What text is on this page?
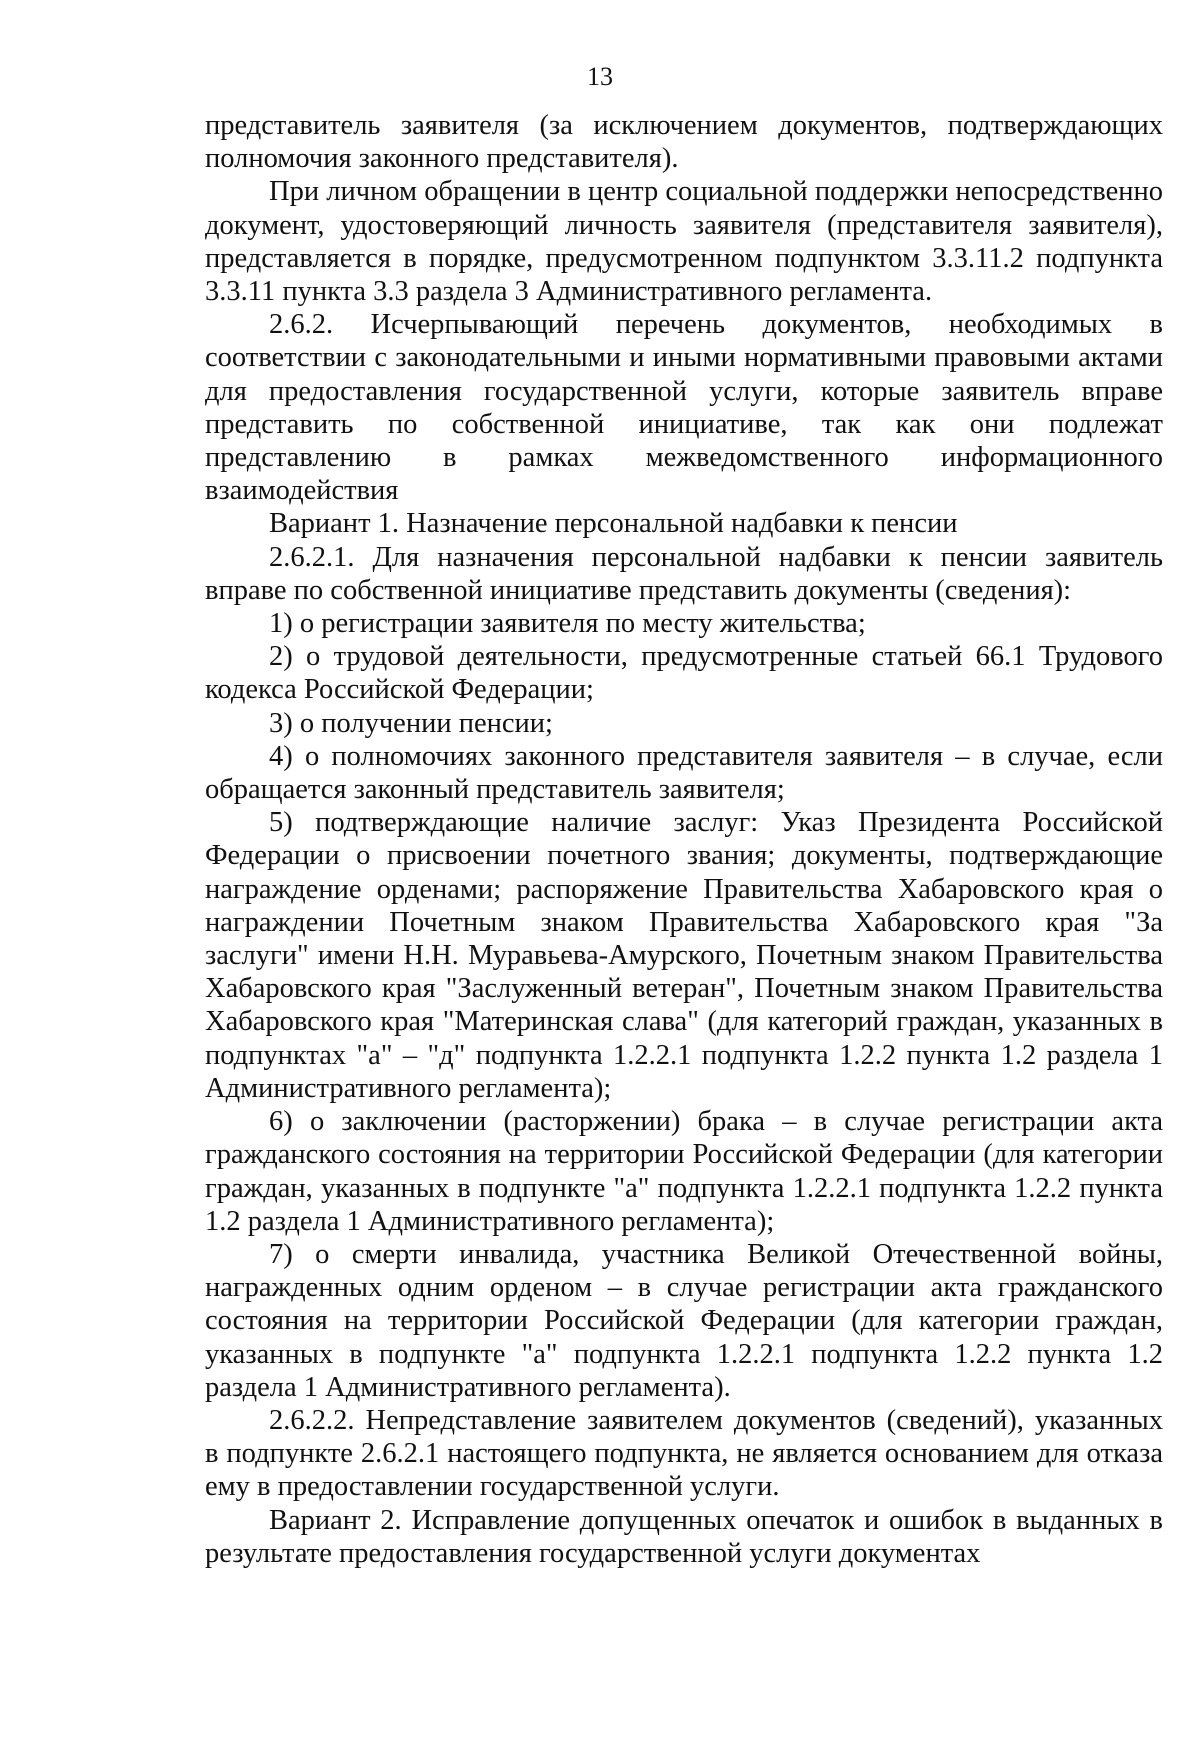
13

представитель заявителя (за исключением документов, подтверждающих полномочия законного представителя).

При личном обращении в центр социальной поддержки непосредственно документ, удостоверяющий личность заявителя (представителя заявителя), представляется в порядке, предусмотренном подпунктом 3.3.11.2 подпункта 3.3.11 пункта 3.3 раздела 3 Административного регламента.

2.6.2. Исчерпывающий перечень документов, необходимых в соответствии с законодательными и иными нормативными правовыми актами для предоставления государственной услуги, которые заявитель вправе представить по собственной инициативе, так как они подлежат представлению в рамках межведомственного информационного взаимодействия

Вариант 1. Назначение персональной надбавки к пенсии

2.6.2.1. Для назначения персональной надбавки к пенсии заявитель вправе по собственной инициативе представить документы (сведения):

1) о регистрации заявителя по месту жительства;

2) о трудовой деятельности, предусмотренные статьей 66.1 Трудового кодекса Российской Федерации;

3) о получении пенсии;

4) о полномочиях законного представителя заявителя – в случае, если обращается законный представитель заявителя;

5) подтверждающие наличие заслуг: Указ Президента Российской Федерации о присвоении почетного звания; документы, подтверждающие награждение орденами; распоряжение Правительства Хабаровского края о награждении Почетным знаком Правительства Хабаровского края "За заслуги" имени Н.Н. Муравьева-Амурского, Почетным знаком Правительства Хабаровского края "Заслуженный ветеран", Почетным знаком Правительства Хабаровского края "Материнская слава" (для категорий граждан, указанных в подпунктах "а" – "д" подпункта 1.2.2.1 подпункта 1.2.2 пункта 1.2 раздела 1 Административного регламента);

6) о заключении (расторжении) брака – в случае регистрации акта гражданского состояния на территории Российской Федерации (для категории граждан, указанных в подпункте "а" подпункта 1.2.2.1 подпункта 1.2.2 пункта 1.2 раздела 1 Административного регламента);

7) о смерти инвалида, участника Великой Отечественной войны, награжденных одним орденом – в случае регистрации акта гражданского состояния на территории Российской Федерации (для категории граждан, указанных в подпункте "а" подпункта 1.2.2.1 подпункта 1.2.2 пункта 1.2 раздела 1 Административного регламента).

2.6.2.2. Непредставление заявителем документов (сведений), указанных в подпункте 2.6.2.1 настоящего подпункта, не является основанием для отказа ему в предоставлении государственной услуги.

Вариант 2. Исправление допущенных опечаток и ошибок в выданных в результате предоставления государственной услуги документах
